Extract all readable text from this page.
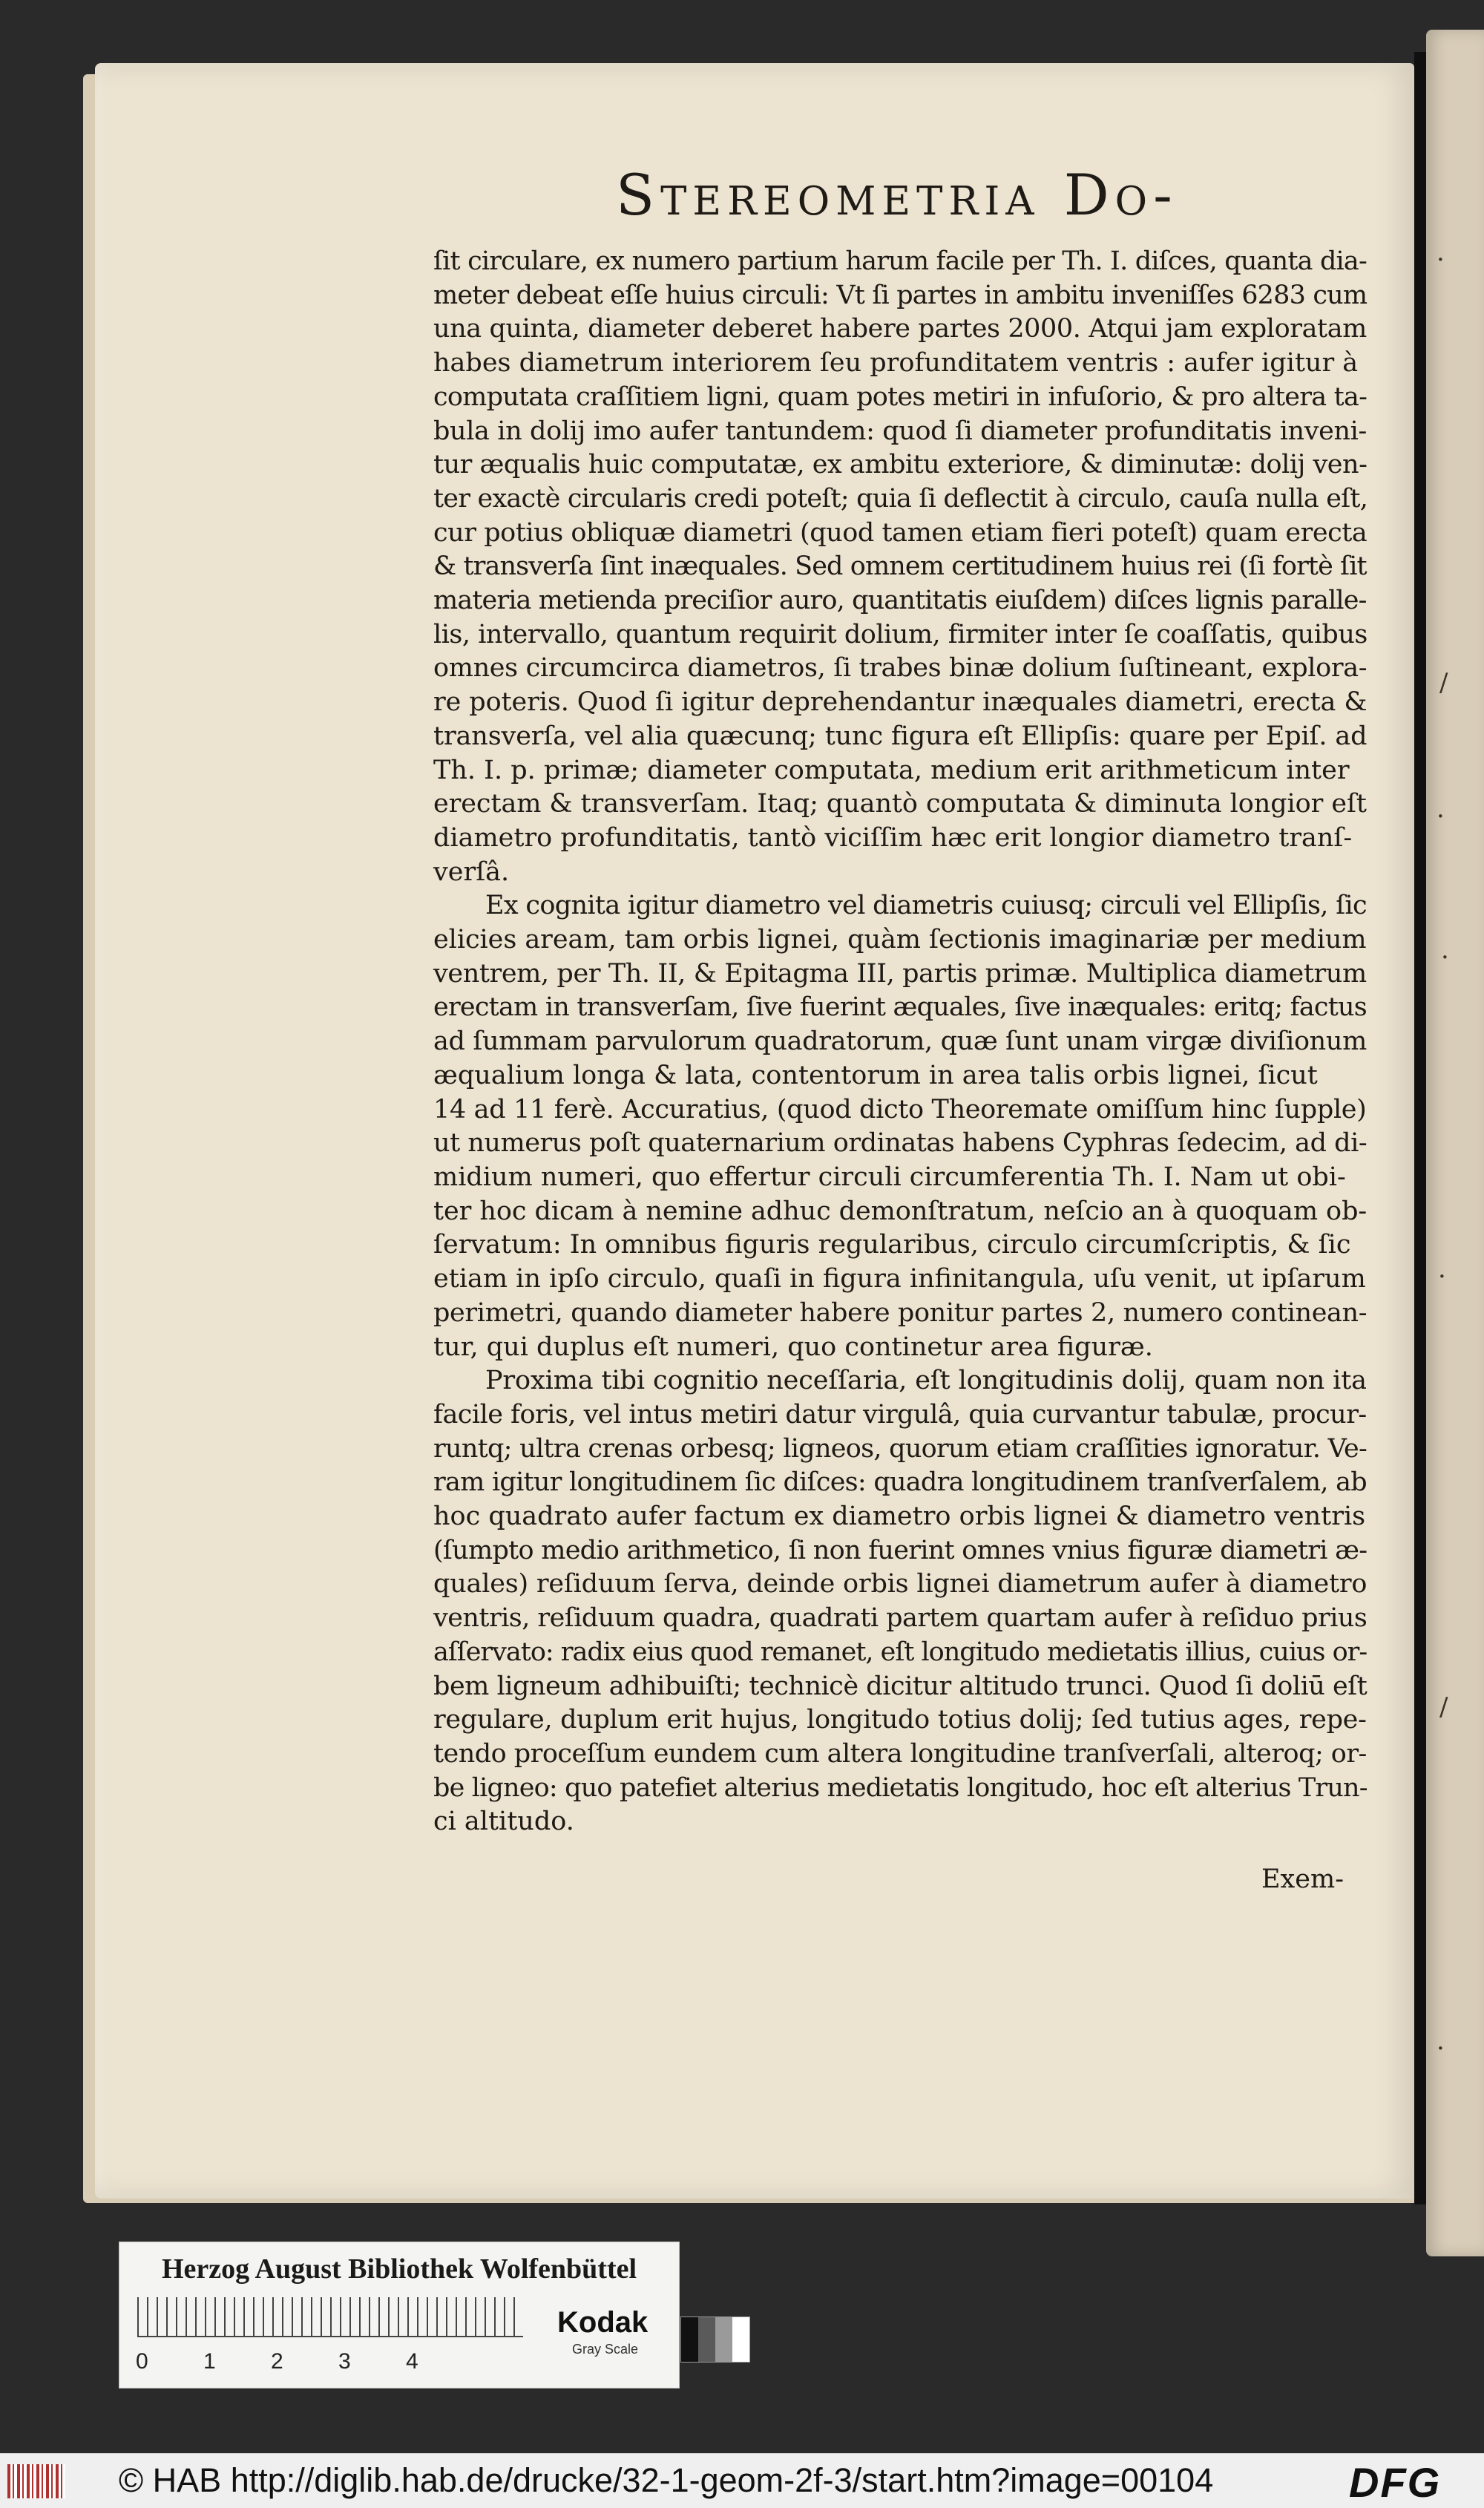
·
/
·
·
·
/
·
Stereometria Do-
ſit circulare, ex numero partium harum facile per Th. I. diſces, quanta dia-
meter debeat eſſe huius circuli: Vt ſi partes in ambitu inveniſſes 6283 cum
una quinta, diameter deberet habere partes 2000. Atqui jam exploratam
habes diametrum interiorem ſeu profunditatem ventris : aufer igitur à
computata craſſitiem ligni, quam potes metiri in infuſorio, & pro altera ta-
bula in dolij imo aufer tantundem: quod ſi diameter profunditatis inveni-
tur æqualis huic computatæ, ex ambitu exteriore, & diminutæ: dolij ven-
ter exactè circularis credi poteſt; quia ſi deflectit à circulo, cauſa nulla eſt,
cur potius obliquæ diametri (quod tamen etiam fieri poteſt) quam erecta
& transverſa ſint inæquales. Sed omnem certitudinem huius rei (ſi fortè ſit
materia metienda preciſior auro, quantitatis eiuſdem) diſces lignis paralle-
lis, intervallo, quantum requirit dolium, firmiter inter ſe coaſſatis, quibus
omnes circumcirca diametros, ſi trabes binæ dolium ſuſtineant, explora-
re poteris. Quod ſi igitur deprehendantur inæquales diametri, erecta &
transverſa, vel alia quæcunq; tunc figura eſt Ellipſis: quare per Epiſ. ad
Th. I. p. primæ; diameter computata, medium erit arithmeticum inter
erectam & transverſam. Itaq; quantò computata & diminuta longior eſt
diametro profunditatis, tantò viciſſim hæc erit longior diametro tranſ-
verſâ.
Ex cognita igitur diametro vel diametris cuiusq; circuli vel Ellipſis, ſic
elicies aream, tam orbis lignei, quàm ſectionis imaginariæ per medium
ventrem, per Th. II, & Epitagma III, partis primæ. Multiplica diametrum
erectam in transverſam, ſive fuerint æquales, ſive inæquales: eritq; factus
ad ſummam parvulorum quadratorum, quæ ſunt unam virgæ diviſionum
æqualium longa & lata, contentorum in area talis orbis lignei, ſicut
14 ad 11 ferè. Accuratius, (quod dicto Theoremate omiſſum hinc ſupple)
ut numerus poſt quaternarium ordinatas habens Cyphras ſedecim, ad di-
midium numeri, quo effertur circuli circumferentia Th. I. Nam ut obi-
ter hoc dicam à nemine adhuc demonſtratum, neſcio an à quoquam ob-
ſervatum: In omnibus figuris regularibus, circulo circumſcriptis, & ſic
etiam in ipſo circulo, quaſi in figura infinitangula, uſu venit, ut ipſarum
perimetri, quando diameter habere ponitur partes 2, numero continean-
tur, qui duplus eſt numeri, quo continetur area figuræ.
Proxima tibi cognitio neceſſaria, eſt longitudinis dolij, quam non ita
facile foris, vel intus metiri datur virgulâ, quia curvantur tabulæ, procur-
runtq; ultra crenas orbesq; ligneos, quorum etiam craſſities ignoratur. Ve-
ram igitur longitudinem ſic diſces: quadra longitudinem tranſverſalem, ab
hoc quadrato aufer factum ex diametro orbis lignei & diametro ventris
(ſumpto medio arithmetico, ſi non fuerint omnes vnius figuræ diametri æ-
quales) reſiduum ſerva, deinde orbis lignei diametrum aufer à diametro
ventris, reſiduum quadra, quadrati partem quartam aufer à reſiduo prius
aſſervato: radix eius quod remanet, eſt longitudo medietatis illius, cuius or-
bem ligneum adhibuiſti; technicè dicitur altitudo trunci. Quod ſi doliū eſt
regulare, duplum erit hujus, longitudo totius dolij; ſed tutius ages, repe-
tendo proceſſum eundem cum altera longitudine tranſverſali, alteroq; or-
be ligneo: quo patefiet alterius medietatis longitudo, hoc eſt alterius Trun-
ci altitudo.

Exem-

Herzog August Bibliothek Wolfenbüttel
0 1 2 3 4
Kodak
Gray Scale
© HAB http://diglib.hab.de/drucke/32-1-geom-2f-3/start.htm?image=00104	DFG
